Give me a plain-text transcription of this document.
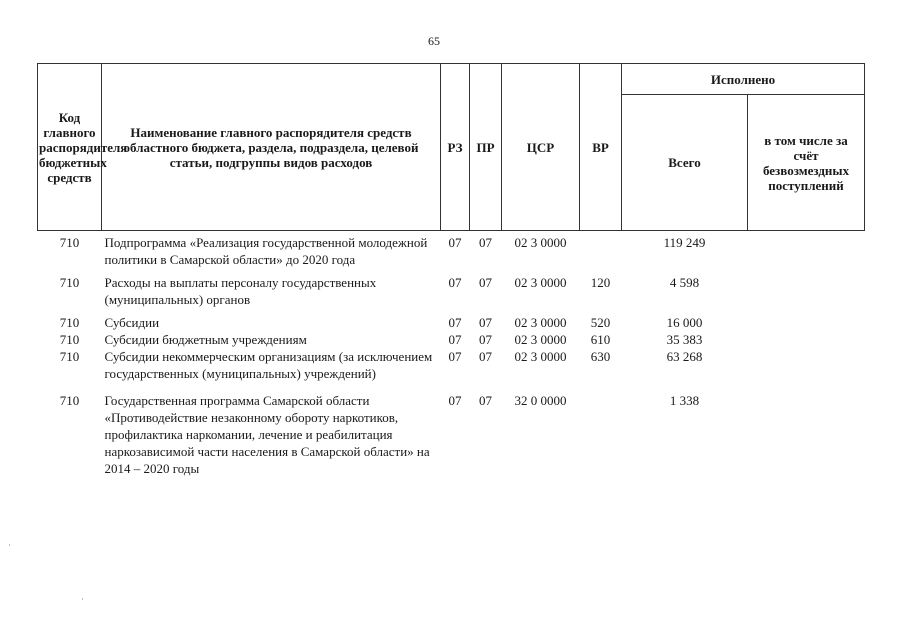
65
Код главного распорядителя бюджетных средств	Наименование главного распорядителя средств областного бюджета, раздела, подраздела, целевой статьи, подгруппы видов расходов	РЗ	ПР	ЦСР	ВР	Исполнено	
						Всего	в том числе за счёт безвозмездных поступлений
710	Подпрограмма «Реализация государственной молодежной политики в Самарской области» до 2020 года	07	07	02 3 0000		119 249	

710	Расходы на выплаты персоналу государственных (муниципальных) органов	07	07	02 3 0000	120	4 598	

710	Субсидии	07	07	02 3 0000	520	16 000	
710	Субсидии бюджетным учреждениям	07	07	02 3 0000	610	35 383	
710	Субсидии некоммерческим организациям (за исключением государственных (муниципальных) учреждений)	07	07	02 3 0000	630	63 268	

710	Государственная программа Самарской области «Противодействие незаконному обороту наркотиков, профилактика наркомании, лечение и реабилитация наркозависимой части населения в Самарской области» на 2014 – 2020 годы	07	07	32 0 0000		1 338	
